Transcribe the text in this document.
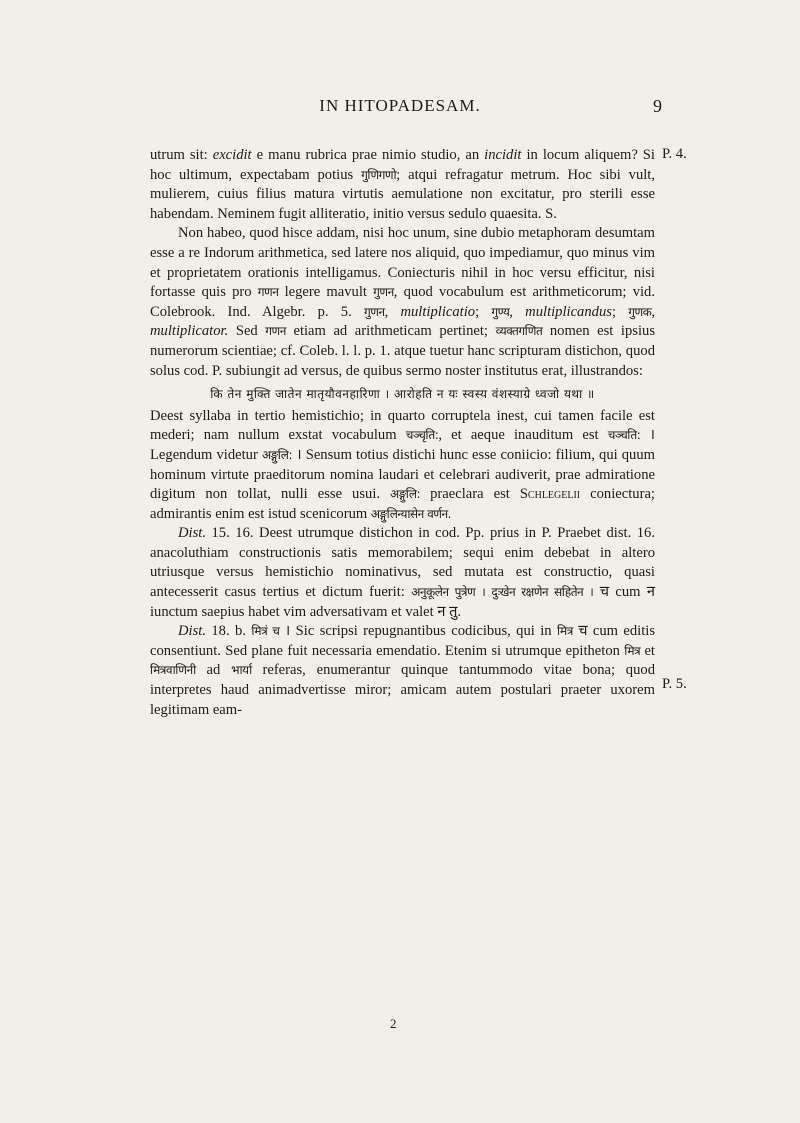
IN HITOPADESAM.	9
P. 4.
P. 5.

utrum sit: excidit e manu rubrica prae nimio studio, an incidit in locum aliquem? Si hoc ultimum, expectabam potius गुणिगणो; atqui refragatur metrum. Hoc sibi vult, mulierem, cuius filius matura virtutis aemulatione non excitatur, pro sterili esse habendam. Neminem fugit alliteratio, initio versus sedulo quaesita. S.

Non habeo, quod hisce addam, nisi hoc unum, sine dubio metaphoram desumtam esse a re Indorum arithmetica, sed latere nos aliquid, quo impediamur, quo minus vim et proprietatem orationis intelligamus. Coniecturis nihil in hoc versu efficitur, nisi fortasse quis pro गणन legere mavult गुणन, quod vocabulum est arithmeticorum; vid. Colebrook. Ind. Algebr. p. 5. गुणन, multiplicatio; गुण्य, multiplicandus; गुणक, multiplicator. Sed गणन etiam ad arithmeticam pertinet; व्यक्तगणित nomen est ipsius numerorum scientiae; cf. Coleb. l. l. p. 1. atque tuetur hanc scripturam distichon, quod solus cod. P. subiungit ad versus, de quibus sermo noster institutus erat, illustrandos:

कि तेन मुक्ति जातेन मातृयौवनहारिणा । आरोहति न यः स्वस्य वंशस्याग्रे ध्वजो यथा ॥

Deest syllaba in tertio hemistichio; in quarto corruptela inest, cui tamen facile est mederi; nam nullum exstat vocabulum चञ्चृति:, et aeque inauditum est चञ्चति: । Legendum videtur अङ्गुलि: । Sensum totius distichi hunc esse coniicio: filium, qui quum hominum virtute praeditorum nomina laudari et celebrari audiverit, prae admiratione digitum non tollat, nulli esse usui. अङ्गुलि: praeclara est Schlegelii coniectura; admirantis enim est istud scenicorum अङ्गुलिन्यासेन वर्णन.

Dist. 15. 16. Deest utrumque distichon in cod. Pp. prius in P. Praebet dist. 16. anacoluthiam constructionis satis memorabilem; sequi enim debebat in altero utriusque versus hemistichio nominativus, sed mutata est constructio, quasi antecesserit casus tertius et dictum fuerit: अनुकूलेन पुत्रेण । दुःखेन रक्षणेन सहितेन । च cum न iunctum saepius habet vim adversativam et valet न तु.

Dist. 18. b. मित्रं च । Sic scripsi repugnantibus codicibus, qui in मित्र च cum editis consentiunt. Sed plane fuit necessaria emendatio. Etenim si utrumque epitheton मित्र et मित्रवाणिनी ad भार्या referas, enumerantur quinque tantummodo vitae bona; quod interpretes haud animadvertisse miror; amicam autem postulari praeter uxorem legitimam eam-

2
